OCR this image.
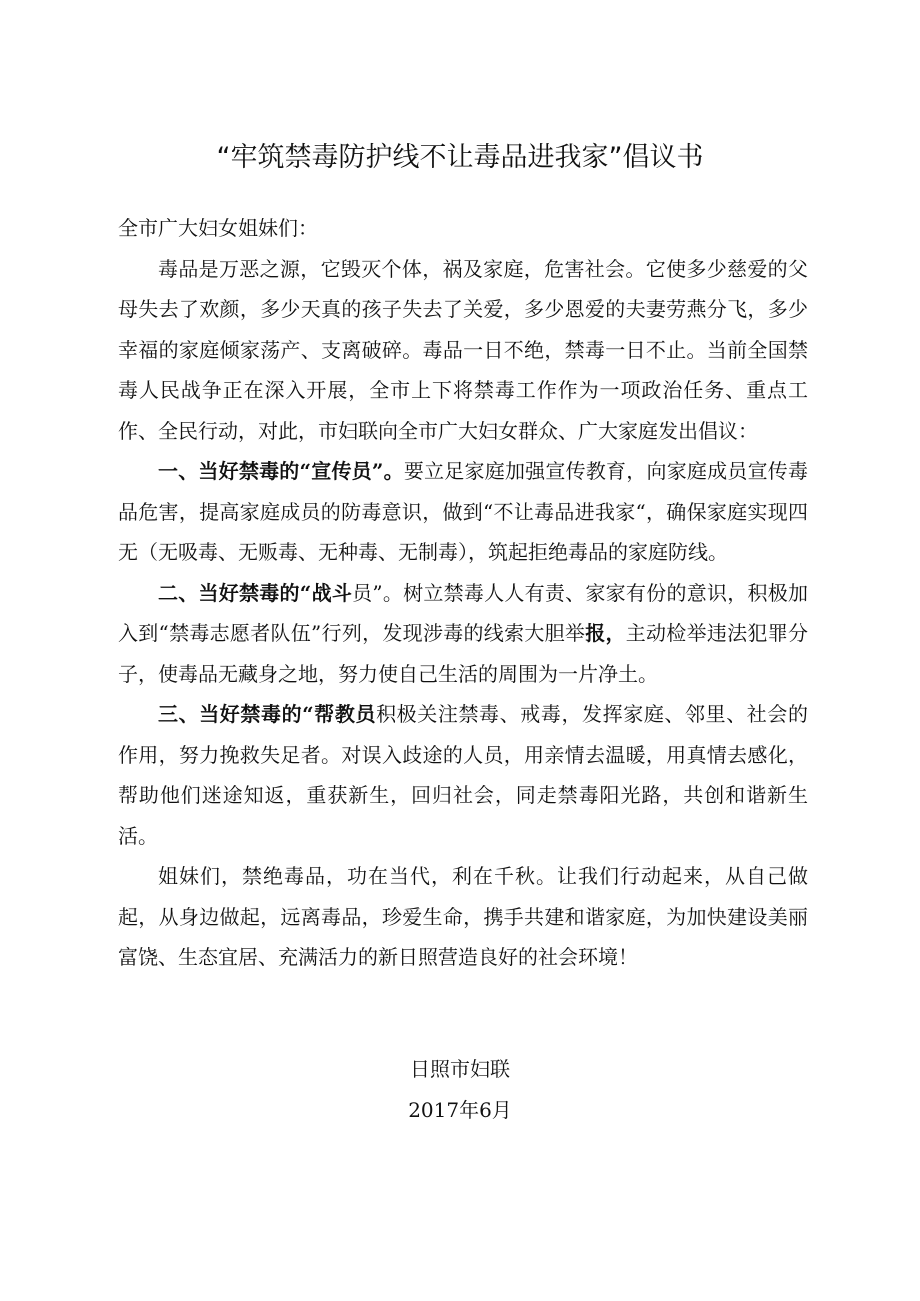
“牢筑禁毒防护线不让毒品进我家”倡议书

全市广大妇女姐妹们：

毒品是万恶之源，它毁灭个体，祸及家庭，危害社会。它使多少慈爱的父母失去了欢颜，多少天真的孩子失去了关爱，多少恩爱的夫妻劳燕分飞，多少幸福的家庭倾家荡产、支离破碎。毒品一日不绝，禁毒一日不止。当前全国禁毒人民战争正在深入开展，全市上下将禁毒工作作为一项政治任务、重点工作、全民行动，对此，市妇联向全市广大妇女群众、广大家庭发出倡议：

一、当好禁毒的“宣传员”。要立足家庭加强宣传教育，向家庭成员宣传毒品危害，提高家庭成员的防毒意识，做到“不让毒品进我家“，确保家庭实现四无（无吸毒、无贩毒、无种毒、无制毒），筑起拒绝毒品的家庭防线。

二、当好禁毒的“战斗员”。树立禁毒人人有责、家家有份的意识，积极加入到“禁毒志愿者队伍”行列，发现涉毒的线索大胆举报，主动检举违法犯罪分子，使毒品无藏身之地，努力使自己生活的周围为一片净土。

三、当好禁毒的“帮教员积极关注禁毒、戒毒，发挥家庭、邻里、社会的作用，努力挽救失足者。对误入歧途的人员，用亲情去温暖，用真情去感化，帮助他们迷途知返，重获新生，回归社会，同走禁毒阳光路，共创和谐新生活。

姐妹们，禁绝毒品，功在当代，利在千秋。让我们行动起来，从自己做起，从身边做起，远离毒品，珍爱生命，携手共建和谐家庭，为加快建设美丽富饶、生态宜居、充满活力的新日照营造良好的社会环境！

日照市妇联

2017年6月
